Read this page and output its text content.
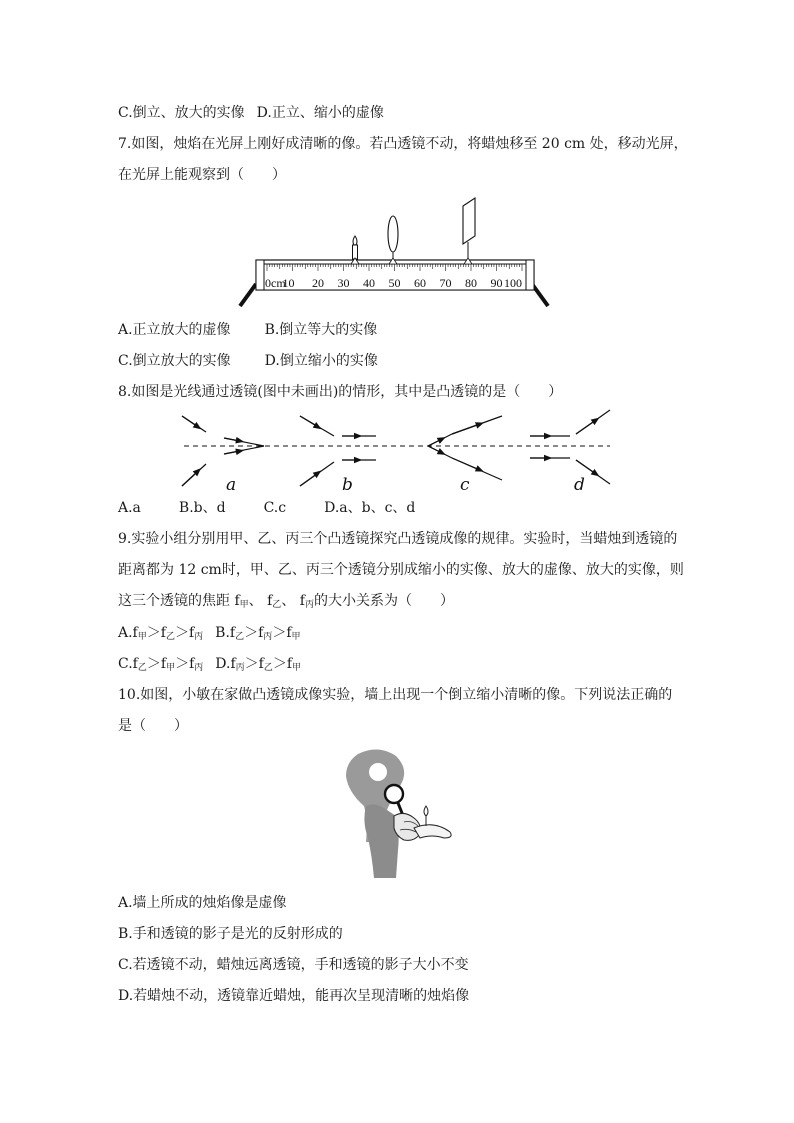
C.倒立、放大的实像 D.正立、缩小的虚像
7.如图，烛焰在光屏上刚好成清晰的像。若凸透镜不动，将蜡烛移至 20 cm 处，移动光屏，
在光屏上能观察到（　　）
0cm
10 20 30 40 50 60 70 80 90 100
A.正立放大的虚像 B.倒立等大的实像
C.倒立放大的实像 D.倒立缩小的实像
8.如图是光线通过透镜(图中未画出)的情形，其中是凸透镜的是（　　）
a	b	c	d
A.a	B.b、d	C.c	D.a、b、c、d
9.实验小组分别用甲、乙、丙三个凸透镜探究凸透镜成像的规律。实验时，当蜡烛到透镜的
距离都为 12 cm时，甲、乙、丙三个透镜分别成缩小的实像、放大的虚像、放大的实像，则
这三个透镜的焦距 $f_甲$、 $f_乙$、 $f_丙$的大小关系为（　　）
$A.f_甲>f_乙>f_丙$ $B.f_乙>f_丙>f_甲$
$C.f_乙>f_甲>f_丙$ $D.f_丙>f_乙>f_甲$
10.如图，小敏在家做凸透镜成像实验，墙上出现一个倒立缩小清晰的像。下列说法正确的
是（　　）
A.墙上所成的烛焰像是虚像
B.手和透镜的影子是光的反射形成的
C.若透镜不动，蜡烛远离透镜，手和透镜的影子大小不变
D.若蜡烛不动，透镜靠近蜡烛，能再次呈现清晰的烛焰像
